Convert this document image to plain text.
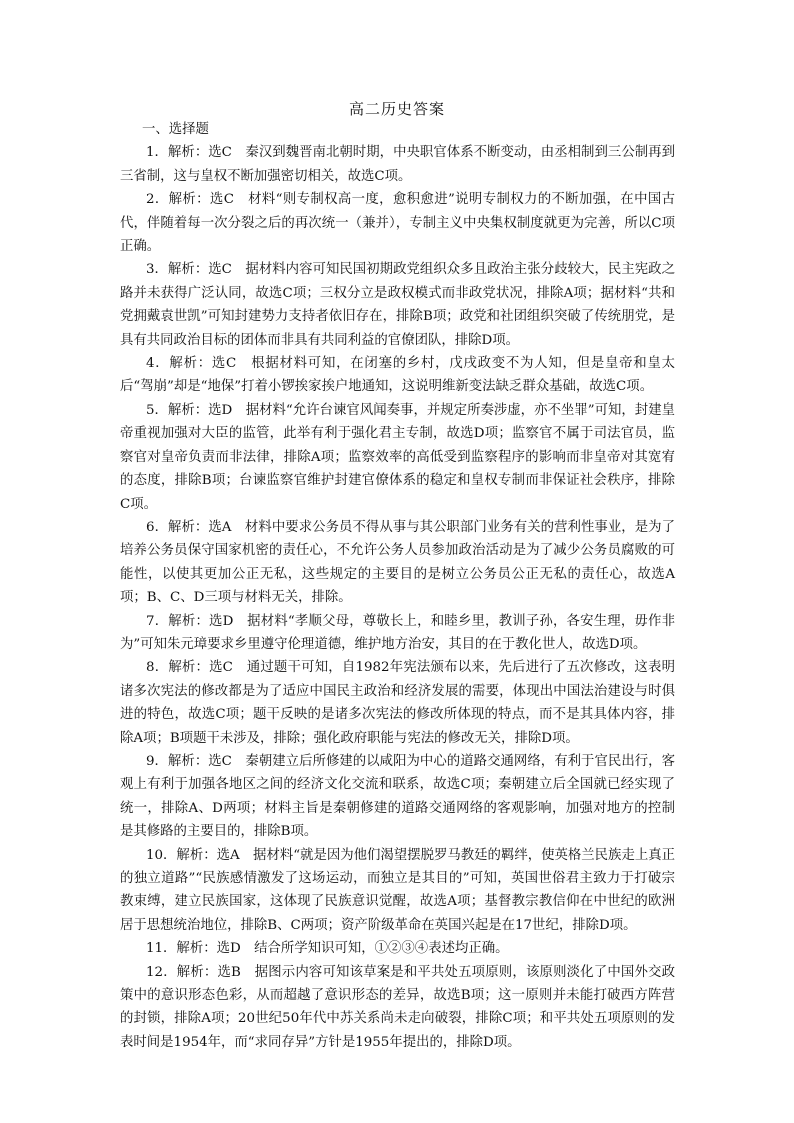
高二历史答案

一、选择题

1．解析：选C　秦汉到魏晋南北朝时期，中央职官体系不断变动，由丞相制到三公制再到三省制，这与皇权不断加强密切相关，故选C项。

2．解析：选C　材料“则专制权高一度，愈积愈进”说明专制权力的不断加强，在中国古代，伴随着每一次分裂之后的再次统一（兼并），专制主义中央集权制度就更为完善，所以C项正确。

3．解析：选C　据材料内容可知民国初期政党组织众多且政治主张分歧较大，民主宪政之路并未获得广泛认同，故选C项；三权分立是政权模式而非政党状况，排除A项；据材料“共和党拥戴袁世凯”可知封建势力支持者依旧存在，排除B项；政党和社团组织突破了传统朋党，是具有共同政治目标的团体而非具有共同利益的官僚团队，排除D项。

4．解析：选C　根据材料可知，在闭塞的乡村，戊戌政变不为人知，但是皇帝和皇太后“驾崩”却是“地保”打着小锣挨家挨户地通知，这说明维新变法缺乏群众基础，故选C项。

5．解析：选D　据材料“允许台谏官风闻奏事，并规定所奏涉虚，亦不坐罪”可知，封建皇帝重视加强对大臣的监管，此举有利于强化君主专制，故选D项；监察官不属于司法官员，监察官对皇帝负责而非法律，排除A项；监察效率的高低受到监察程序的影响而非皇帝对其宽宥的态度，排除B项；台谏监察官维护封建官僚体系的稳定和皇权专制而非保证社会秩序，排除C项。

6．解析：选A　材料中要求公务员不得从事与其公职部门业务有关的营利性事业，是为了培养公务员保守国家机密的责任心，不允许公务人员参加政治活动是为了减少公务员腐败的可能性，以使其更加公正无私，这些规定的主要目的是树立公务员公正无私的责任心，故选A项；B、C、D三项与材料无关，排除。

7．解析：选D　据材料“孝顺父母，尊敬长上，和睦乡里，教训子孙，各安生理，毋作非为”可知朱元璋要求乡里遵守伦理道德，维护地方治安，其目的在于教化世人，故选D项。

8．解析：选C　通过题干可知，自1982年宪法颁布以来，先后进行了五次修改，这表明诸多次宪法的修改都是为了适应中国民主政治和经济发展的需要，体现出中国法治建设与时俱进的特色，故选C项；题干反映的是诸多次宪法的修改所体现的特点，而不是其具体内容，排除A项；B项题干未涉及，排除；强化政府职能与宪法的修改无关，排除D项。

9．解析：选C　秦朝建立后所修建的以咸阳为中心的道路交通网络，有利于官民出行，客观上有利于加强各地区之间的经济文化交流和联系，故选C项；秦朝建立后全国就已经实现了统一，排除A、D两项；材料主旨是秦朝修建的道路交通网络的客观影响，加强对地方的控制是其修路的主要目的，排除B项。

10．解析：选A　据材料“就是因为他们渴望摆脱罗马教廷的羁绊，使英格兰民族走上真正的独立道路”“民族感情激发了这场运动，而独立是其目的”可知，英国世俗君主致力于打破宗教束缚，建立民族国家，这体现了民族意识觉醒，故选A项；基督教宗教信仰在中世纪的欧洲居于思想统治地位，排除B、C两项；资产阶级革命在英国兴起是在17世纪，排除D项。

11．解析：选D　结合所学知识可知，①②③④表述均正确。

12．解析：选B　据图示内容可知该草案是和平共处五项原则，该原则淡化了中国外交政策中的意识形态色彩，从而超越了意识形态的差异，故选B项；这一原则并未能打破西方阵营的封锁，排除A项；20世纪50年代中苏关系尚未走向破裂，排除C项；和平共处五项原则的发表时间是1954年，而“求同存异”方针是1955年提出的，排除D项。
